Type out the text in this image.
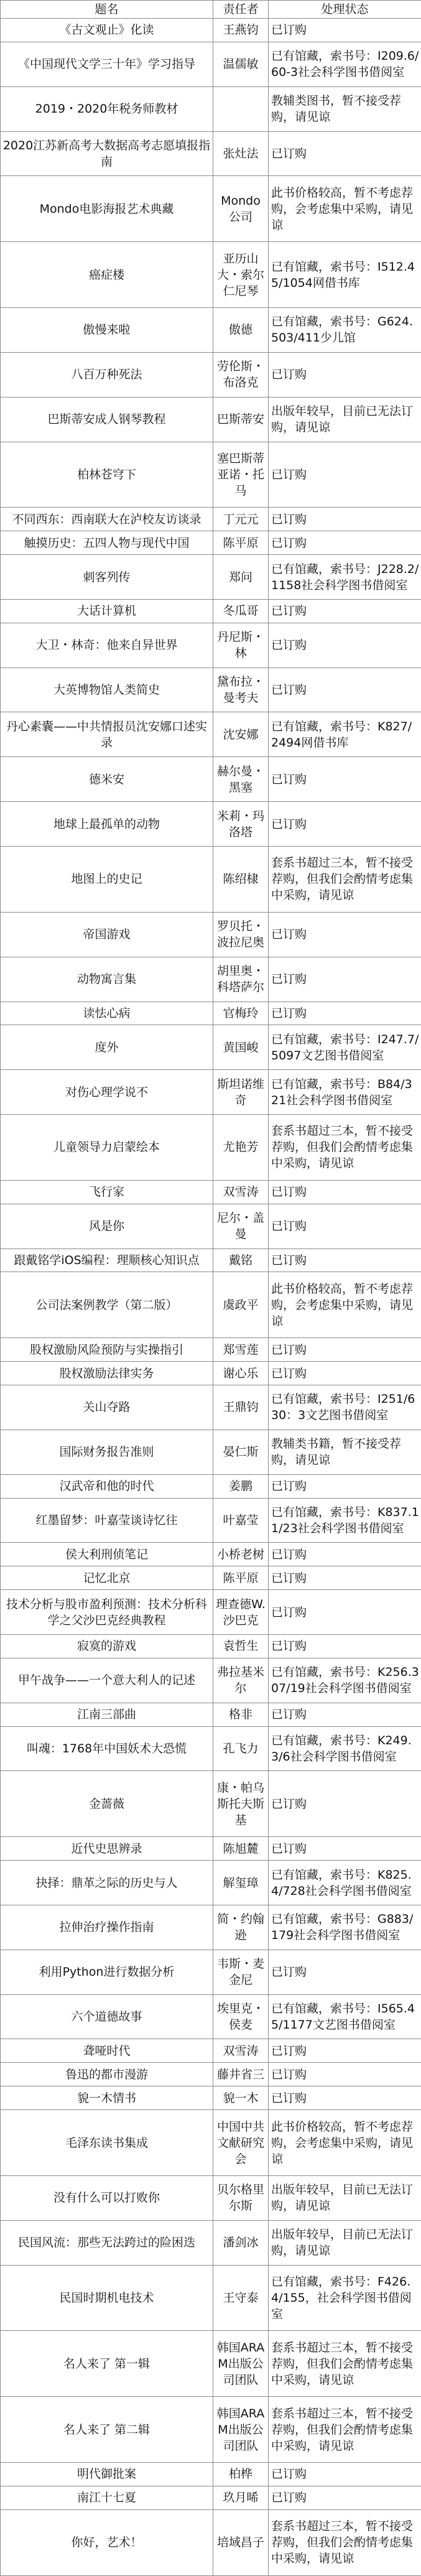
题名	责任者	处理状态
《古文观止》化读	王燕钧	已订购
《中国现代文学三十年》学习指导	温儒敏	已有馆藏，索书号：I209.6/60-3社会科学图书借阅室
2019・2020年税务师教材		教辅类图书，暂不接受荐购，请见谅
2020江苏新高考大数据高考志愿填报指南	张灶法	已订购
Mondo电影海报艺术典藏	Mondo公司	此书价格较高，暂不考虑荐购，会考虑集中采购，请见谅
癌症楼	亚历山大・索尔仁尼琴	已有馆藏，索书号：I512.45/1054网借书库
傲慢来啦	傲德	已有馆藏，索书号：G624.503/411少儿馆
八百万种死法	劳伦斯・布洛克	已订购
巴斯蒂安成人钢琴教程	巴斯蒂安	出版年较早，目前已无法订购，请见谅
柏林苍穹下	塞巴斯蒂亚诺・托马	已订购
不同西东：西南联大在泸校友访谈录	丁元元	已订购
触摸历史：五四人物与现代中国	陈平原	已订购
刺客列传	郑问	已有馆藏，索书号：J228.2/1158社会科学图书借阅室
大话计算机	冬瓜哥	已订购
大卫・林奇：他来自异世界	丹尼斯・林	已订购
大英博物馆人类简史	黛布拉・曼考夫	已订购
丹心素囊——中共情报员沈安娜口述实录	沈安娜	已有馆藏，索书号：K827/2494网借书库
德米安	赫尔曼・黑塞	已订购
地球上最孤单的动物	米莉・玛洛塔	已订购
地图上的史记	陈绍棣	套系书超过三本，暂不接受荐购，但我们会酌情考虑集中采购，请见谅
帝国游戏	罗贝托・波拉尼奥	已订购
动物寓言集	胡里奥・科塔萨尔	已订购
读怯心病	官梅玲	已订购
度外	黄国峻	已有馆藏，索书号：I247.7/5097文艺图书借阅室
对伤心理学说不	斯坦诺维奇	已有馆藏，索书号：B84/321社会科学图书借阅室
儿童领导力启蒙绘本	尤艳芳	套系书超过三本，暂不接受荐购，但我们会酌情考虑集中采购，请见谅
飞行家	双雪涛	已订购
风是你	尼尔・盖曼	已订购
跟戴铭学iOS编程：理顺核心知识点	戴铭	已订购
公司法案例教学（第二版）	虞政平	此书价格较高，暂不考虑荐购，会考虑集中采购，请见谅
股权激励风险预防与实操指引	郑雪莲	已订购
股权激励法律实务	谢心乐	已订购
关山夺路	王鼎钧	已有馆藏，索书号：I251/630：3文艺图书借阅室
国际财务报告准则	晏仁斯	教辅类书籍，暂不接受荐购，请见谅
汉武帝和他的时代	姜鹏	已订购
红墨留梦：叶嘉莹谈诗忆往	叶嘉莹	已有馆藏，索书号：K837.11/23社会科学图书借阅室
侯大利刑侦笔记	小桥老树	已订购
记忆北京	陈平原	已订购
技术分析与股市盈利预测：技术分析科学之父沙巴克经典教程	理查德W.沙巴克	已订购
寂寞的游戏	袁哲生	已订购
甲午战争——一个意大利人的记述	弗拉基米尔	已有馆藏，索书号：K256.307/19社会科学图书借阅室
江南三部曲	格非	已订购
叫魂：1768年中国妖术大恐慌	孔飞力	已有馆藏，索书号：K249.3/6社会科学图书借阅室
金蔷薇	康・帕乌斯托夫斯基	已订购
近代史思辨录	陈旭麓	已订购
抉择：鼎革之际的历史与人	解玺璋	已有馆藏，索书号：K825.4/728社会科学图书借阅室
拉伸治疗操作指南	简・约翰逊	已有馆藏，索书号：G883/179社会科学图书借阅室
利用Python进行数据分析	韦斯・麦金尼	已订购
六个道德故事	埃里克・侯麦	已有馆藏，索书号：I565.45/1177文艺图书借阅室
聋哑时代	双雪涛	已订购
鲁迅的都市漫游	藤井省三	已订购
貌一木情书	貌一木	已订购
毛泽东读书集成	中国中共文献研究会	此书价格较高，暂不考虑荐购，会考虑集中采购，请见谅
没有什么可以打败你	贝尔格里尔斯	出版年较早，目前已无法订购，请见谅
民国风流：那些无法跨过的险困迭	潘剑冰	出版年较早，目前已无法订购，请见谅
民国时期机电技术	王守泰	已有馆藏，索书号：F426.4/155，社会科学图书借阅室
名人来了 第一辑	韩国ARAM出版公司团队	套系书超过三本，暂不接受荐购，但我们会酌情考虑集中采购，请见谅
名人来了 第二辑	韩国ARAM出版公司团队	套系书超过三本，暂不接受荐购，但我们会酌情考虑集中采购，请见谅
明代御批案	柏桦	已订购
南江十七夏	玖月晞	已订购
你好，艺术！	培域昌子	套系书超过三本，暂不接受荐购，但我们会酌情考虑集中采购，请见谅
